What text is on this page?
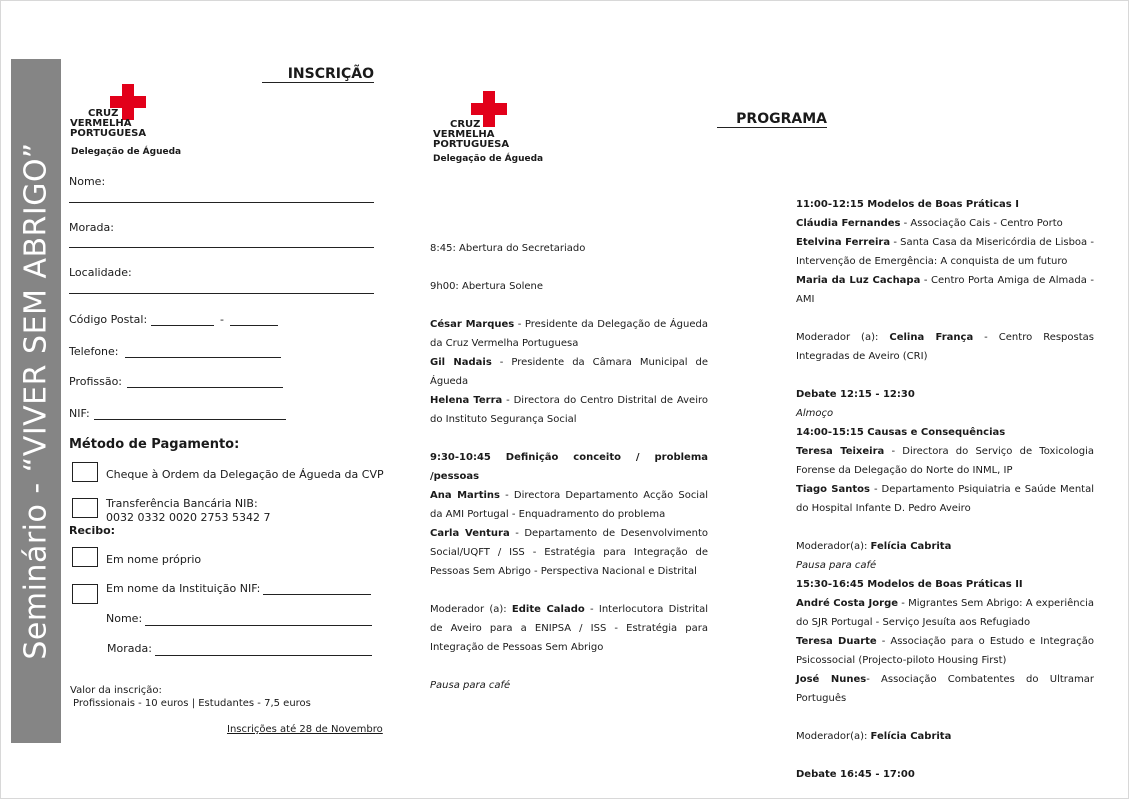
Seminário - “VIVER SEM ABRIGO”
INSCRIÇÃO
CRUZ
VERMELHA
PORTUGUESA
Delegação de Águeda
Nome:
Morada:
Localidade:
Código Postal:	-
Telefone:
Profissão:
NIF:
Método de Pagamento:
Cheque à Ordem da Delegação de Águeda da CVP
Transferência Bancária NIB:
0032 0332 0020 2753 5342 7
Recibo:
Em nome próprio
Em nome da Instituição NIF:
Nome:
Morada:
Valor da inscrição:
Profissionais - 10 euros | Estudantes - 7,5 euros
Inscrições até 28 de Novembro
CRUZ
VERMELHA
PORTUGUESA
Delegação de Águeda

8:45: Abertura do Secretariado

9h00: Abertura Solene

César Marques - Presidente da Delegação de Águeda da Cruz Vermelha Portuguesa

Gil Nadais - Presidente da Câmara Municipal de Águeda

Helena Terra - Directora do Centro Distrital de Aveiro do Instituto Segurança Social

9:30-10:45 Definição conceito / problema /pessoas

Ana Martins - Directora Departamento Acção Social da AMI Portugal - Enquadramento do problema

Carla Ventura - Departamento de Desenvolvimento Social/UQFT / ISS - Estratégia para Integração de Pessoas Sem Abrigo - Perspectiva Nacional e Distrital

Moderador (a): Edite Calado - Interlocutora Distrital de Aveiro para a ENIPSA / ISS - Estratégia para Integração de Pessoas Sem Abrigo

Pausa para café

PROGRAMA

11:00-12:15 Modelos de Boas Práticas I

Cláudia Fernandes - Associação Cais - Centro Porto

Etelvina Ferreira - Santa Casa da Misericórdia de Lisboa - Intervenção de Emergência: A conquista de um futuro

Maria da Luz Cachapa - Centro Porta Amiga de Almada - AMI

Moderador (a): Celina França - Centro Respostas Integradas de Aveiro (CRI)

Debate 12:15 - 12:30

Almoço

14:00-15:15 Causas e Consequências

Teresa Teixeira - Directora do Serviço de Toxicologia Forense da Delegação do Norte do INML, IP

Tiago Santos - Departamento Psiquiatria e Saúde Mental do Hospital Infante D. Pedro Aveiro

Moderador(a): Felícia Cabrita

Pausa para café

15:30-16:45 Modelos de Boas Práticas II

André Costa Jorge - Migrantes Sem Abrigo: A experiência do SJR Portugal - Serviço Jesuíta aos Refugiado

Teresa Duarte - Associação para o Estudo e Integração Psicossocial (Projecto-piloto Housing First)

José Nunes- Associação Combatentes do Ultramar Português

Moderador(a): Felícia Cabrita

Debate 16:45 - 17:00
